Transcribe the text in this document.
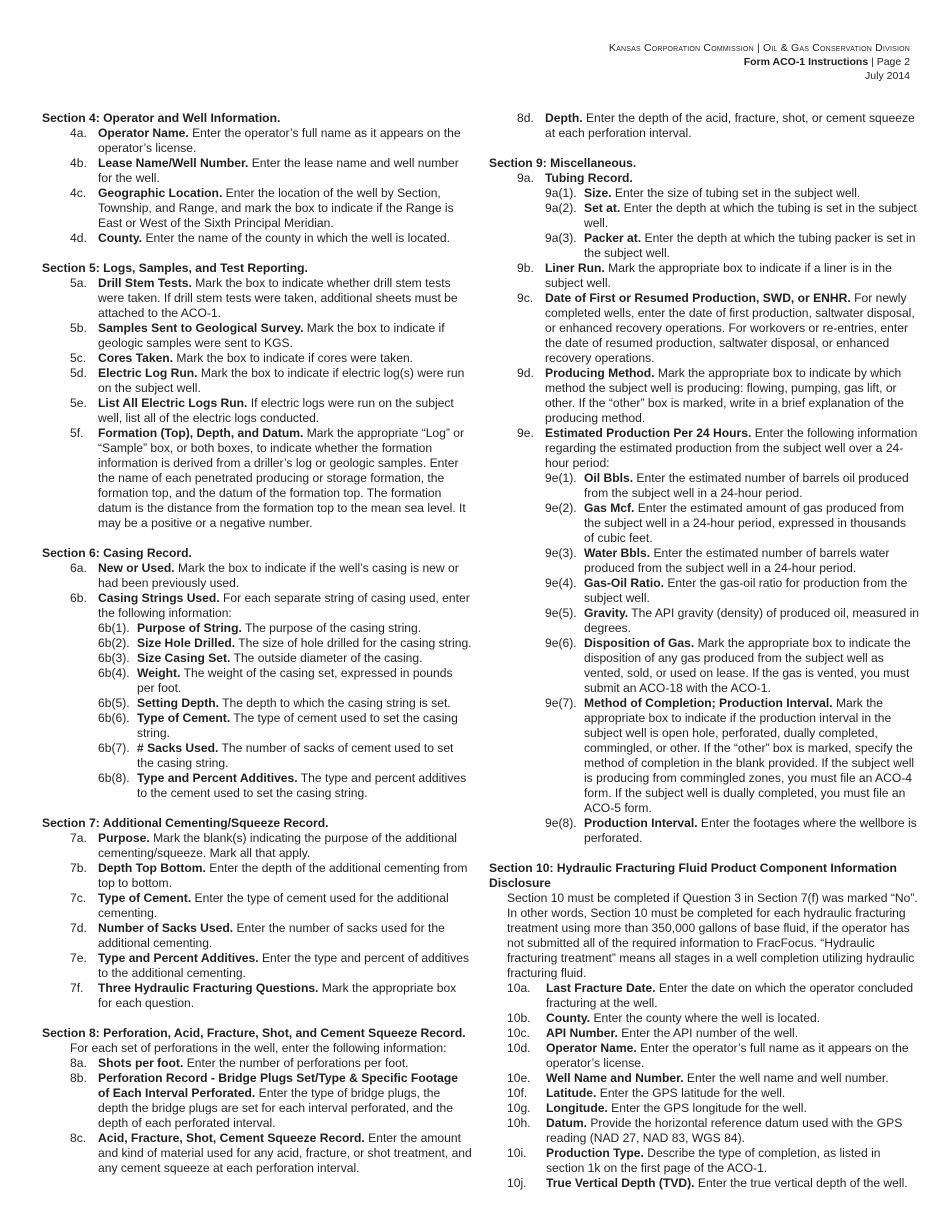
Kansas Corporation Commission | Oil & Gas Conservation Division
Form ACO-1 Instructions | Page 2
July 2014
Section 4: Operator and Well Information.
4a. Operator Name. Enter the operator’s full name as it appears on the operator’s license.
4b. Lease Name/Well Number. Enter the lease name and well number for the well.
4c. Geographic Location. Enter the location of the well by Section, Township, and Range, and mark the box to indicate if the Range is East or West of the Sixth Principal Meridian.
4d. County. Enter the name of the county in which the well is located.
Section 5: Logs, Samples, and Test Reporting.
5a. Drill Stem Tests. Mark the box to indicate whether drill stem tests were taken. If drill stem tests were taken, additional sheets must be attached to the ACO-1.
5b. Samples Sent to Geological Survey. Mark the box to indicate if geologic samples were sent to KGS.
5c. Cores Taken. Mark the box to indicate if cores were taken.
5d. Electric Log Run. Mark the box to indicate if electric log(s) were run on the subject well.
5e. List All Electric Logs Run. If electric logs were run on the subject well, list all of the electric logs conducted.
5f.	Formation (Top), Depth, and Datum. Mark the appropriate “Log” or “Sample” box, or both boxes, to indicate whether the formation information is derived from a driller’s log or geologic samples. Enter the name of each penetrated producing or storage formation, the formation top, and the datum of the formation top. The formation datum is the distance from the formation top to the mean sea level. It may be a positive or a negative number.
Section 6: Casing Record.
6a. New or Used. Mark the box to indicate if the well’s casing is new or had been previously used.
6b. Casing Strings Used. For each separate string of casing used, enter the following information:
6b(1). Purpose of String. The purpose of the casing string.
6b(2). Size Hole Drilled. The size of hole drilled for the casing string.
6b(3). Size Casing Set. The outside diameter of the casing.
6b(4). Weight. The weight of the casing set, expressed in pounds per foot.
6b(5). Setting Depth. The depth to which the casing string is set.
6b(6). Type of Cement. The type of cement used to set the casing string.
6b(7). # Sacks Used. The number of sacks of cement used to set the casing string.
6b(8). Type and Percent Additives. The type and percent additives to the cement used to set the casing string.
Section 7: Additional Cementing/Squeeze Record.
7a. Purpose. Mark the blank(s) indicating the purpose of the additional cementing/squeeze. Mark all that apply.
7b. Depth Top Bottom. Enter the depth of the additional cementing from top to bottom.
7c. Type of Cement. Enter the type of cement used for the additional cementing.
7d. Number of Sacks Used. Enter the number of sacks used for the additional cementing.
7e. Type and Percent Additives. Enter the type and percent of additives to the additional cementing.
7f.	Three Hydraulic Fracturing Questions. Mark the appropriate box for each question.
Section 8: Perforation, Acid, Fracture, Shot, and Cement Squeeze Record.
For each set of perforations in the well, enter the following information:
8a. Shots per foot. Enter the number of perforations per foot.
8b. Perforation Record - Bridge Plugs Set/Type & Specific Footage of Each Interval Perforated. Enter the type of bridge plugs, the depth the bridge plugs are set for each interval perforated, and the depth of each perforated interval.
8c. Acid, Fracture, Shot, Cement Squeeze Record. Enter the amount and kind of material used for any acid, fracture, or shot treatment, and any cement squeeze at each perforation interval.
8d. Depth. Enter the depth of the acid, fracture, shot, or cement squeeze at each perforation interval.
Section 9: Miscellaneous.
9a. Tubing Record.
9a(1). Size. Enter the size of tubing set in the subject well.
9a(2). Set at. Enter the depth at which the tubing is set in the subject well.
9a(3). Packer at. Enter the depth at which the tubing packer is set in the subject well.
9b. Liner Run. Mark the appropriate box to indicate if a liner is in the subject well.
9c. Date of First or Resumed Production, SWD, or ENHR. For newly completed wells, enter the date of first production, saltwater disposal, or enhanced recovery operations. For workovers or re-entries, enter the date of resumed production, saltwater disposal, or enhanced recovery operations.
9d. Producing Method. Mark the appropriate box to indicate by which method the subject well is producing: flowing, pumping, gas lift, or other. If the “other” box is marked, write in a brief explanation of the producing method.
9e. Estimated Production Per 24 Hours. Enter the following information regarding the estimated production from the subject well over a 24-hour period:
9e(1). Oil Bbls. Enter the estimated number of barrels oil produced from the subject well in a 24-hour period.
9e(2). Gas Mcf. Enter the estimated amount of gas produced from the subject well in a 24-hour period, expressed in thousands of cubic feet.
9e(3). Water Bbls. Enter the estimated number of barrels water produced from the subject well in a 24-hour period.
9e(4). Gas-Oil Ratio. Enter the gas-oil ratio for production from the subject well.
9e(5). Gravity. The API gravity (density) of produced oil, measured in degrees.
9e(6). Disposition of Gas. Mark the appropriate box to indicate the disposition of any gas produced from the subject well as vented, sold, or used on lease. If the gas is vented, you must submit an ACO-18 with the ACO-1.
9e(7). Method of Completion; Production Interval. Mark the appropriate box to indicate if the production interval in the subject well is open hole, perforated, dually completed, commingled, or other. If the “other” box is marked, specify the method of completion in the blank provided. If the subject well is producing from commingled zones, you must file an ACO-4 form. If the subject well is dually completed, you must file an ACO-5 form.
9e(8). Production Interval. Enter the footages where the wellbore is perforated.
Section 10: Hydraulic Fracturing Fluid Product Component Information Disclosure
Section 10 must be completed if Question 3 in Section 7(f) was marked “No”. In other words, Section 10 must be completed for each hydraulic fracturing treatment using more than 350,000 gallons of base fluid, if the operator has not submitted all of the required information to FracFocus. “Hydraulic fracturing treatment” means all stages in a well completion utilizing hydraulic fracturing fluid.
10a.	Last Fracture Date. Enter the date on which the operator concluded fracturing at the well.
10b.	County. Enter the county where the well is located.
10c.	API Number. Enter the API number of the well.
10d.	Operator Name. Enter the operator’s full name as it appears on the operator’s license.
10e.	Well Name and Number. Enter the well name and well number.
10f.	Latitude. Enter the GPS latitude for the well.
10g.	Longitude. Enter the GPS longitude for the well.
10h.	Datum. Provide the horizontal reference datum used with the GPS reading (NAD 27, NAD 83, WGS 84).
10i.	Production Type. Describe the type of completion, as listed in section 1k on the first page of the ACO-1.
10j.	True Vertical Depth (TVD). Enter the true vertical depth of the well.
